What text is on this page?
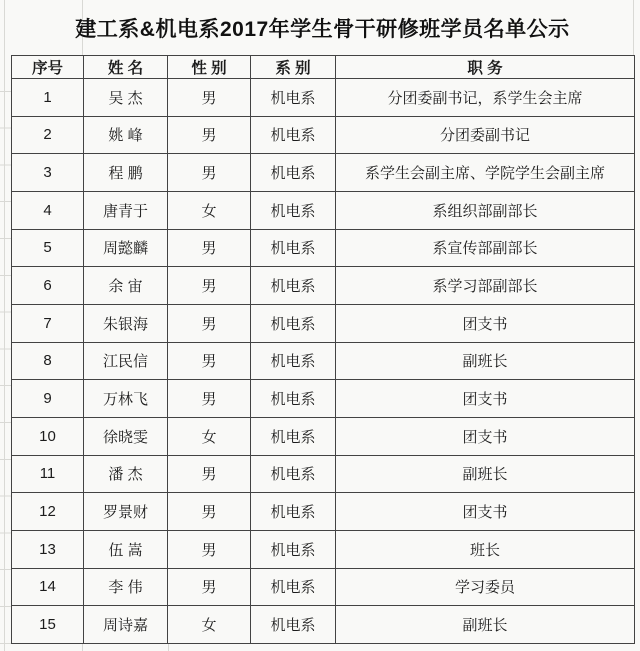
建工系&机电系2017年学生骨干研修班学员名单公示
序号	姓 名	性 别	系 别	职 务
1	吴 杰	男	机电系	分团委副书记，系学生会主席
2	姚 峰	男	机电系	分团委副书记
3	程 鹏	男	机电系	系学生会副主席、学院学生会副主席
4	唐青于	女	机电系	系组织部副部长
5	周懿麟	男	机电系	系宣传部副部长
6	余 宙	男	机电系	系学习部副部长
7	朱银海	男	机电系	团支书
8	江民信	男	机电系	副班长
9	万林飞	男	机电系	团支书
10	徐晓雯	女	机电系	团支书
11	潘 杰	男	机电系	副班长
12	罗景财	男	机电系	团支书
13	伍 嵩	男	机电系	班长
14	李 伟	男	机电系	学习委员
15	周诗嘉	女	机电系	副班长
